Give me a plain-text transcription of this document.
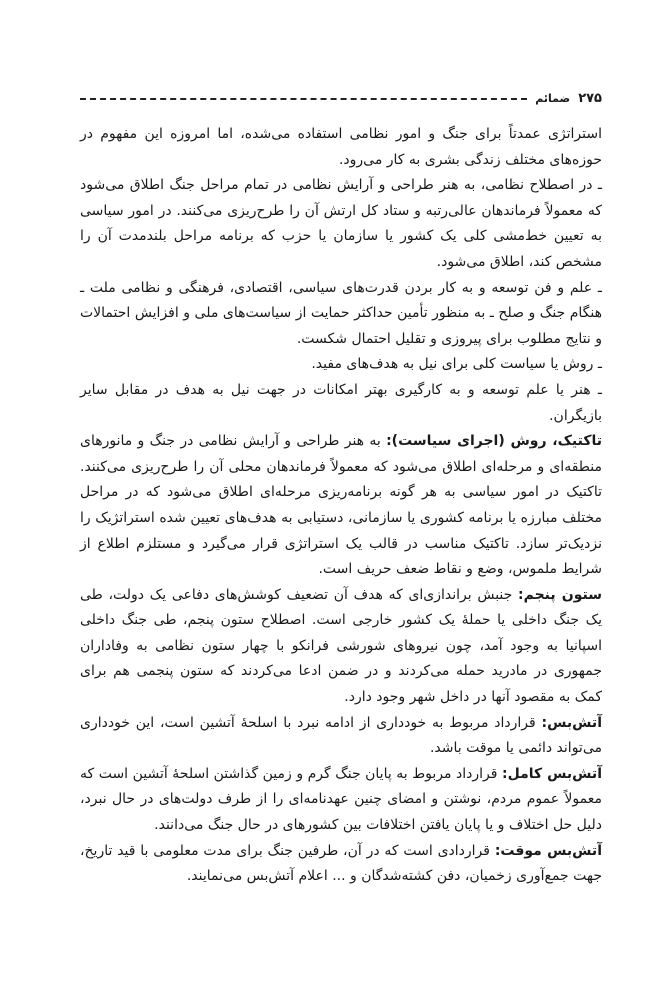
۲۷۵
ضمائم

استراتژی عمدتاً برای جنگ و امور نظامی استفاده می‌شده، اما امروزه این مفهوم در حوزه‌های مختلف زندگی بشری به کار می‌رود.

ـ در اصطلاح نظامی، به هنر طراحی و آرایش نظامی در تمام مراحل جنگ اطلاق می‌شود که معمولاً فرماندهان عالی‌رتبه و ستاد کل ارتش آن را طرح‌ریزی می‌کنند. در امور سیاسی به تعیین خط‌مشی کلی یک کشور یا سازمان یا حزب که برنامه مراحل بلندمدت آن را مشخص کند، اطلاق می‌شود.

ـ علم و فن توسعه و به کار بردن قدرت‌های سیاسی، اقتصادی، فرهنگی و نظامی ملت ـ هنگام جنگ و صلح ـ به منظور تأمین حداکثر حمایت از سیاست‌های ملی و افزایش احتمالات و نتایج مطلوب برای پیروزی و تقلیل احتمال شکست.

ـ روش یا سیاست کلی برای نیل به هدف‌های مفید.

ـ هنر یا علم توسعه و به کارگیری بهتر امکانات در جهت نیل به هدف در مقابل سایر بازیگران.

تاکتیک، روش (اجرای سیاست): به هنر طراحی و آرایش نظامی در جنگ و مانورهای منطقه‌ای و مرحله‌ای اطلاق می‌شود که معمولاً فرماندهان محلی آن را طرح‌ریزی می‌کنند. تاکتیک در امور سیاسی به هر گونه برنامه‌ریزی مرحله‌ای اطلاق می‌شود که در مراحل مختلف مبارزه یا برنامه کشوری یا سازمانی، دستیابی به هدف‌های تعیین شده استراتژیک را نزدیک‌تر سازد. تاکتیک مناسب در قالب یک استراتژی قرار می‌گیرد و مستلزم اطلاع از شرایط ملموس، وضع و نقاط ضعف حریف است.

ستون پنجم: جنبش براندازی‌ای که هدف آن تضعیف کوشش‌های دفاعی یک دولت، طی یک جنگ داخلی یا حملهٔ یک کشور خارجی است. اصطلاح ستون پنجم، طی جنگ داخلی اسپانیا به وجود آمد، چون نیروهای شورشی فرانکو با چهار ستون نظامی به وفاداران جمهوری در مادرید حمله می‌کردند و در ضمن ادعا می‌کردند که ستون پنجمی هم برای کمک به مقصود آنها در داخل شهر وجود دارد.

آتش‌بس: قرارداد مربوط به خودداری از ادامه نبرد با اسلحهٔ آتشین است، این خودداری می‌تواند دائمی یا موقت باشد.

آتش‌بس کامل: قرارداد مربوط به پایان جنگ گرم و زمین گذاشتن اسلحهٔ آتشین است که معمولاً عموم مردم، نوشتن و امضای چنین عهدنامه‌ای را از طرف دولت‌های در حال نبرد، دلیل حل اختلاف و یا پایان یافتن اختلافات بین کشورهای در حال جنگ می‌دانند.

آتش‌بس موقت: قراردادی است که در آن، طرفین جنگ برای مدت معلومی با قید تاریخ، جهت جمع‌آوری زخمیان، دفن کشته‌شدگان و ... اعلام آتش‌بس می‌نمایند.
